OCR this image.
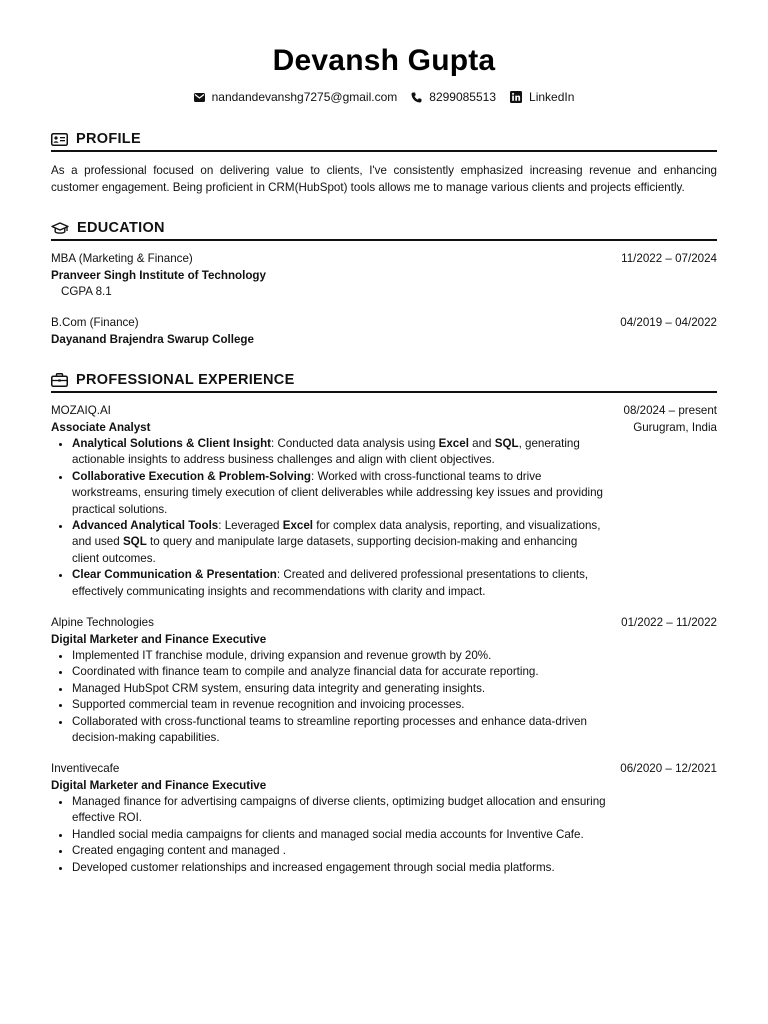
Devansh Gupta
nandandevanshg7275@gmail.com	8299085513	LinkedIn
PROFILE
As a professional focused on delivering value to clients, I've consistently emphasized increasing revenue and enhancing customer engagement. Being proficient in CRM(HubSpot) tools allows me to manage various clients and projects efficiently.
EDUCATION
MBA (Marketing & Finance)	11/2022 – 07/2024
Pranveer Singh Institute of Technology
CGPA 8.1
B.Com (Finance)	04/2019 – 04/2022
Dayanand Brajendra Swarup College
PROFESSIONAL EXPERIENCE
MOZAIQ.AI	08/2024 – present
Associate Analyst	Gurugram, India
• Analytical Solutions & Client Insight: Conducted data analysis using Excel and SQL, generating actionable insights to address business challenges and align with client objectives.
• Collaborative Execution & Problem-Solving: Worked with cross-functional teams to drive workstreams, ensuring timely execution of client deliverables while addressing key issues and providing practical solutions.
• Advanced Analytical Tools: Leveraged Excel for complex data analysis, reporting, and visualizations, and used SQL to query and manipulate large datasets, supporting decision-making and enhancing client outcomes.
• Clear Communication & Presentation: Created and delivered professional presentations to clients, effectively communicating insights and recommendations with clarity and impact.
Alpine Technologies	01/2022 – 11/2022
Digital Marketer and Finance Executive
• Implemented IT franchise module, driving expansion and revenue growth by 20%.
• Coordinated with finance team to compile and analyze financial data for accurate reporting.
• Managed HubSpot CRM system, ensuring data integrity and generating insights.
• Supported commercial team in revenue recognition and invoicing processes.
• Collaborated with cross-functional teams to streamline reporting processes and enhance data-driven decision-making capabilities.
Inventivecafe	06/2020 – 12/2021
Digital Marketer and Finance Executive
• Managed finance for advertising campaigns of diverse clients, optimizing budget allocation and ensuring effective ROI.
• Handled social media campaigns for clients and managed social media accounts for Inventive Cafe.
• Created engaging content and managed .
• Developed customer relationships and increased engagement through social media platforms.
